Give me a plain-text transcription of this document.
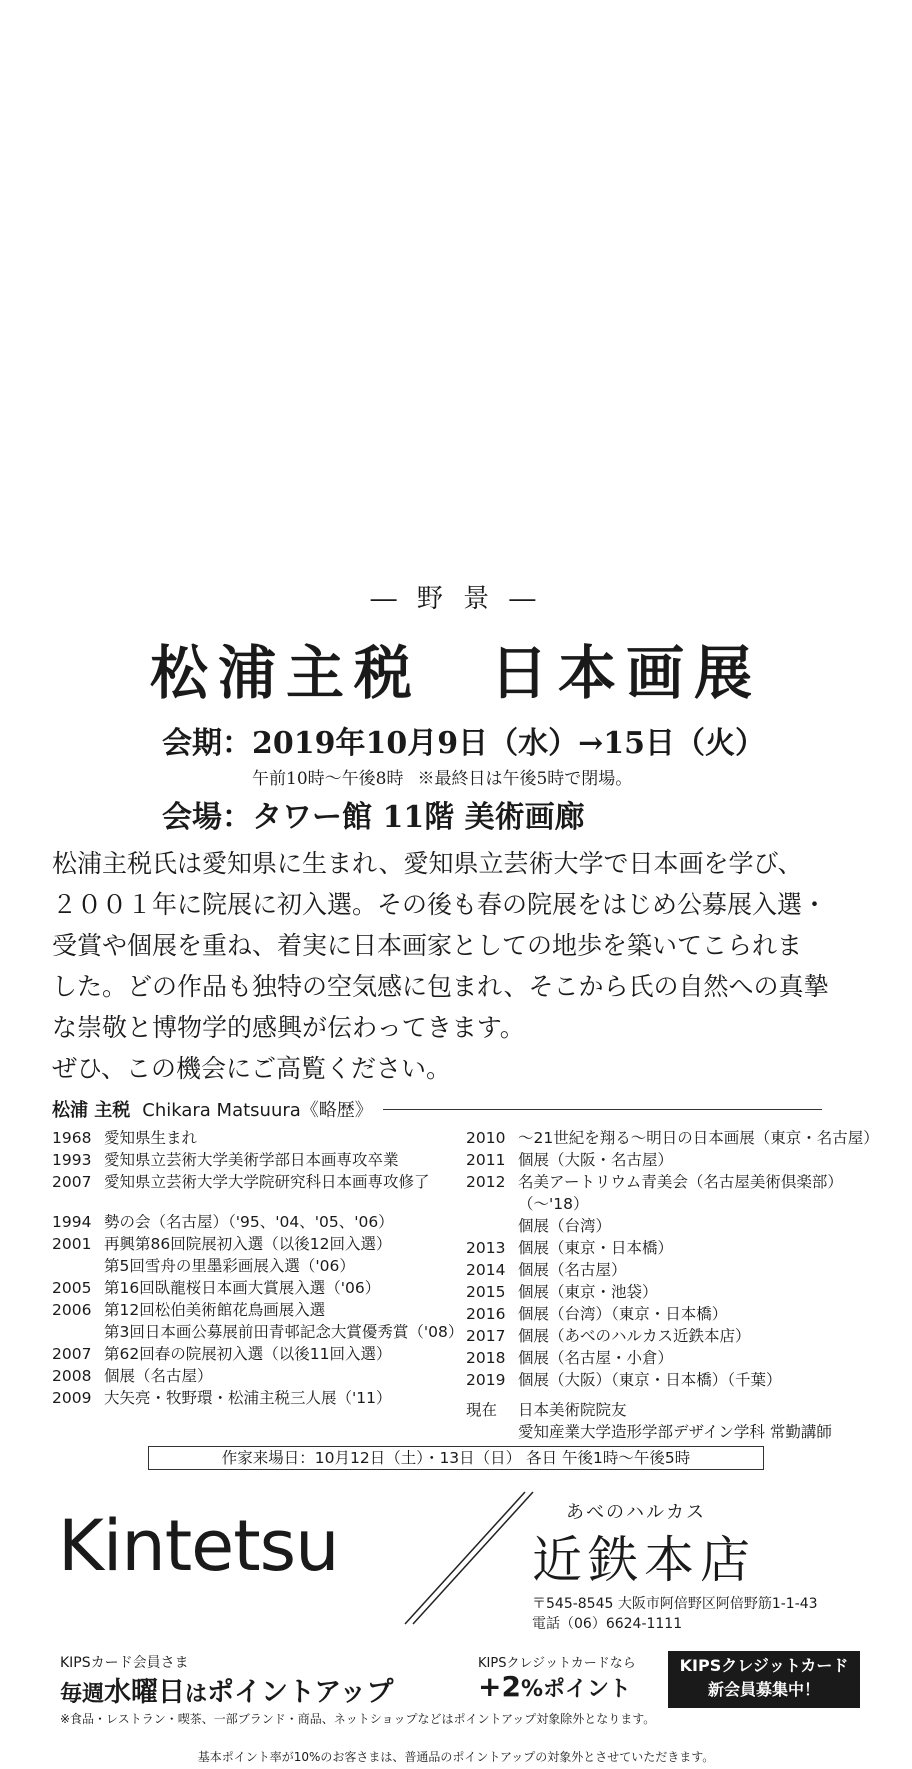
― 野 景 ―
松浦主税　日本画展
会期：2019年10月9日（水）→15日（火）
午前10時～午後8時 ※最終日は午後5時で閉場。
会場：タワー館 11階 美術画廊

松浦主税氏は愛知県に生まれ、愛知県立芸術大学で日本画を学び、

２００１年に院展に初入選。その後も春の院展をはじめ公募展入選・

受賞や個展を重ね、着実に日本画家としての地歩を築いてこられま

した。どの作品も独特の空気感に包まれ、そこから氏の自然への真摯

な崇敬と博物学的感興が伝わってきます。

ぜひ、この機会にご高覧ください。

松浦 主税 Chikara Matsuura《略歴》
1968 愛知県生まれ
1993 愛知県立芸術大学美術学部日本画専攻卒業
2007 愛知県立芸術大学大学院研究科日本画専攻修了
1994 勢の会（名古屋）（'95、'04、'05、'06）
2001 再興第86回院展初入選（以後12回入選）
第5回雪舟の里墨彩画展入選（'06）
2005 第16回臥龍桜日本画大賞展入選（'06）
2006 第12回松伯美術館花鳥画展入選
第3回日本画公募展前田青邨記念大賞優秀賞（'08）
2007 第62回春の院展初入選（以後11回入選）
2008 個展（名古屋）
2009 大矢亮・牧野環・松浦主税三人展（'11）
2010 ～21世紀を翔る～明日の日本画展（東京・名古屋）
2011 個展（大阪・名古屋）
2012 名美アートリウム青美会（名古屋美術倶楽部）（～'18）
個展（台湾）
2013 個展（東京・日本橋）
2014 個展（名古屋）
2015 個展（東京・池袋）
2016 個展（台湾）（東京・日本橋）
2017 個展（あべのハルカス近鉄本店）
2018 個展（名古屋・小倉）
2019 個展（大阪）（東京・日本橋）（千葉）
現在	日本美術院院友
愛知産業大学造形学部デザイン学科 常勤講師
作家来場日：10月12日（土）・13日（日） 各日 午後1時～午後5時
Kintetsu	あべのハルカス
近鉄本店
〒545-8545 大阪市阿倍野区阿倍野筋1-1-43
電話（06）6624-1111
KIPSカード会員さま
毎週水曜日はポイントアップ
KIPSクレジットカードなら
+2%ポイント
KIPSクレジットカード
新会員募集中！
※食品・レストラン・喫茶、一部ブランド・商品、ネットショップなどはポイントアップ対象除外となります。
基本ポイント率が10%のお客さまは、普通品のポイントアップの対象外とさせていただきます。
